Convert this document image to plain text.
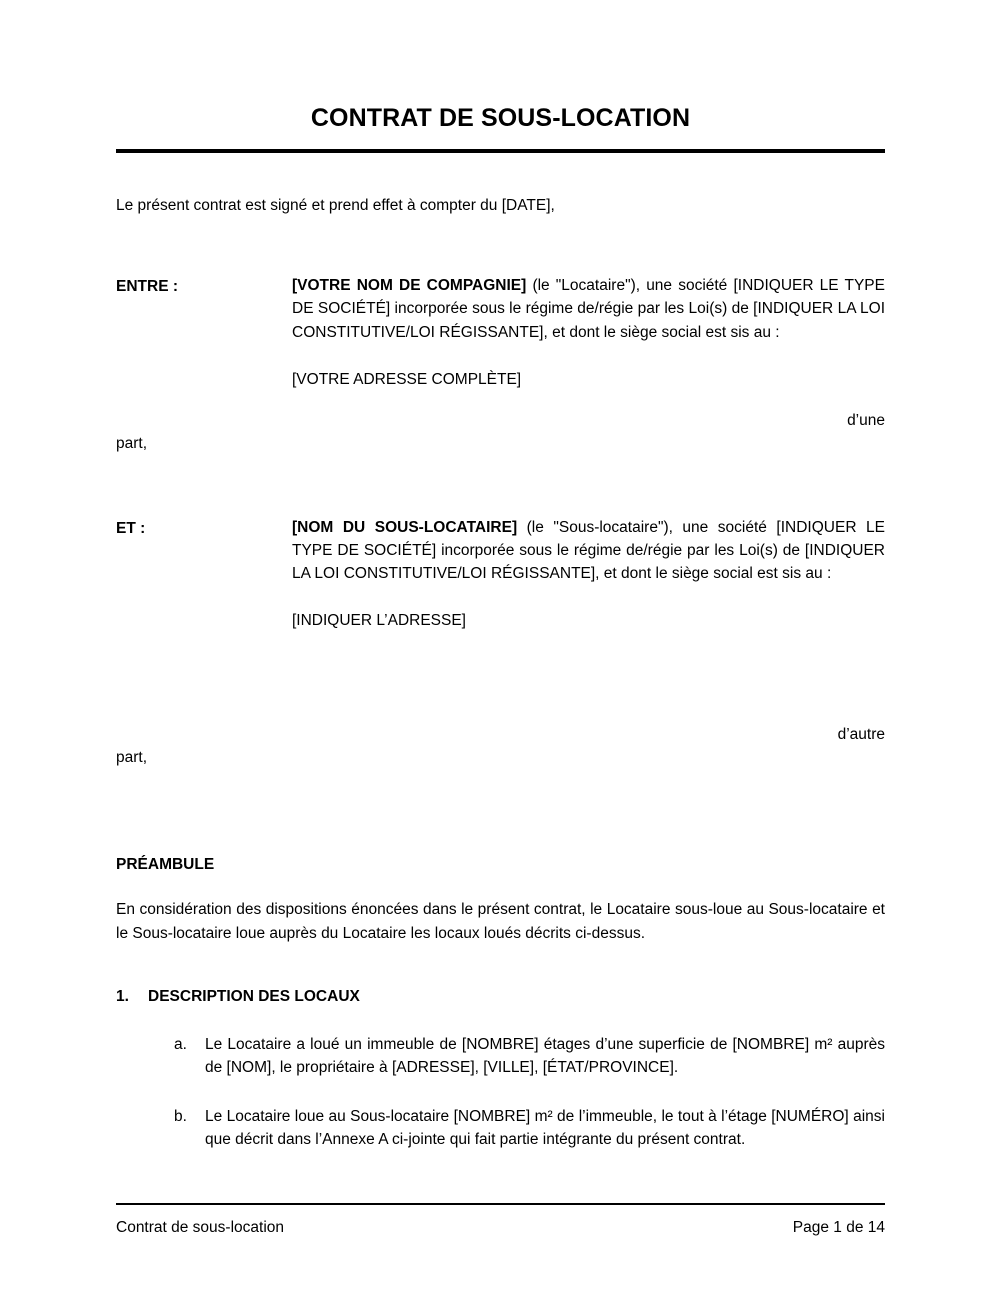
CONTRAT DE SOUS-LOCATION

Le présent contrat est signé et prend effet à compter du [DATE],

ENTRE :	[VOTRE NOM DE COMPAGNIE] (le "Locataire"), une société [INDIQUER LE TYPE DE SOCIÉTÉ] incorporée sous le régime de/régie par les Loi(s) de [INDIQUER LA LOI CONSTITUTIVE/LOI RÉGISSANTE], et dont le siège social est sis au :

[VOTRE ADRESSE COMPLÈTE]

d’une
part,
ET :	[NOM DU SOUS-LOCATAIRE] (le "Sous-locataire"), une société [INDIQUER LE TYPE DE SOCIÉTÉ] incorporée sous le régime de/régie par les Loi(s) de [INDIQUER LA LOI CONSTITUTIVE/LOI RÉGISSANTE], et dont le siège social est sis au :

[INDIQUER L’ADRESSE]

d’autre
part,
PRÉAMBULE

En considération des dispositions énoncées dans le présent contrat, le Locataire sous-loue au Sous-locataire et le Sous-locataire loue auprès du Locataire les locaux loués décrits ci-dessus.

1.	DESCRIPTION DES LOCAUX
a.	Le Locataire a loué un immeuble de [NOMBRE] étages d’une superficie de [NOMBRE] m² auprès de [NOM], le propriétaire à [ADRESSE], [VILLE], [ÉTAT/PROVINCE].
b.	Le Locataire loue au Sous-locataire [NOMBRE] m² de l’immeuble, le tout à l’étage [NUMÉRO] ainsi que décrit dans l’Annexe A ci-jointe qui fait partie intégrante du présent contrat.
Contrat de sous-location	Page 1 de 14
